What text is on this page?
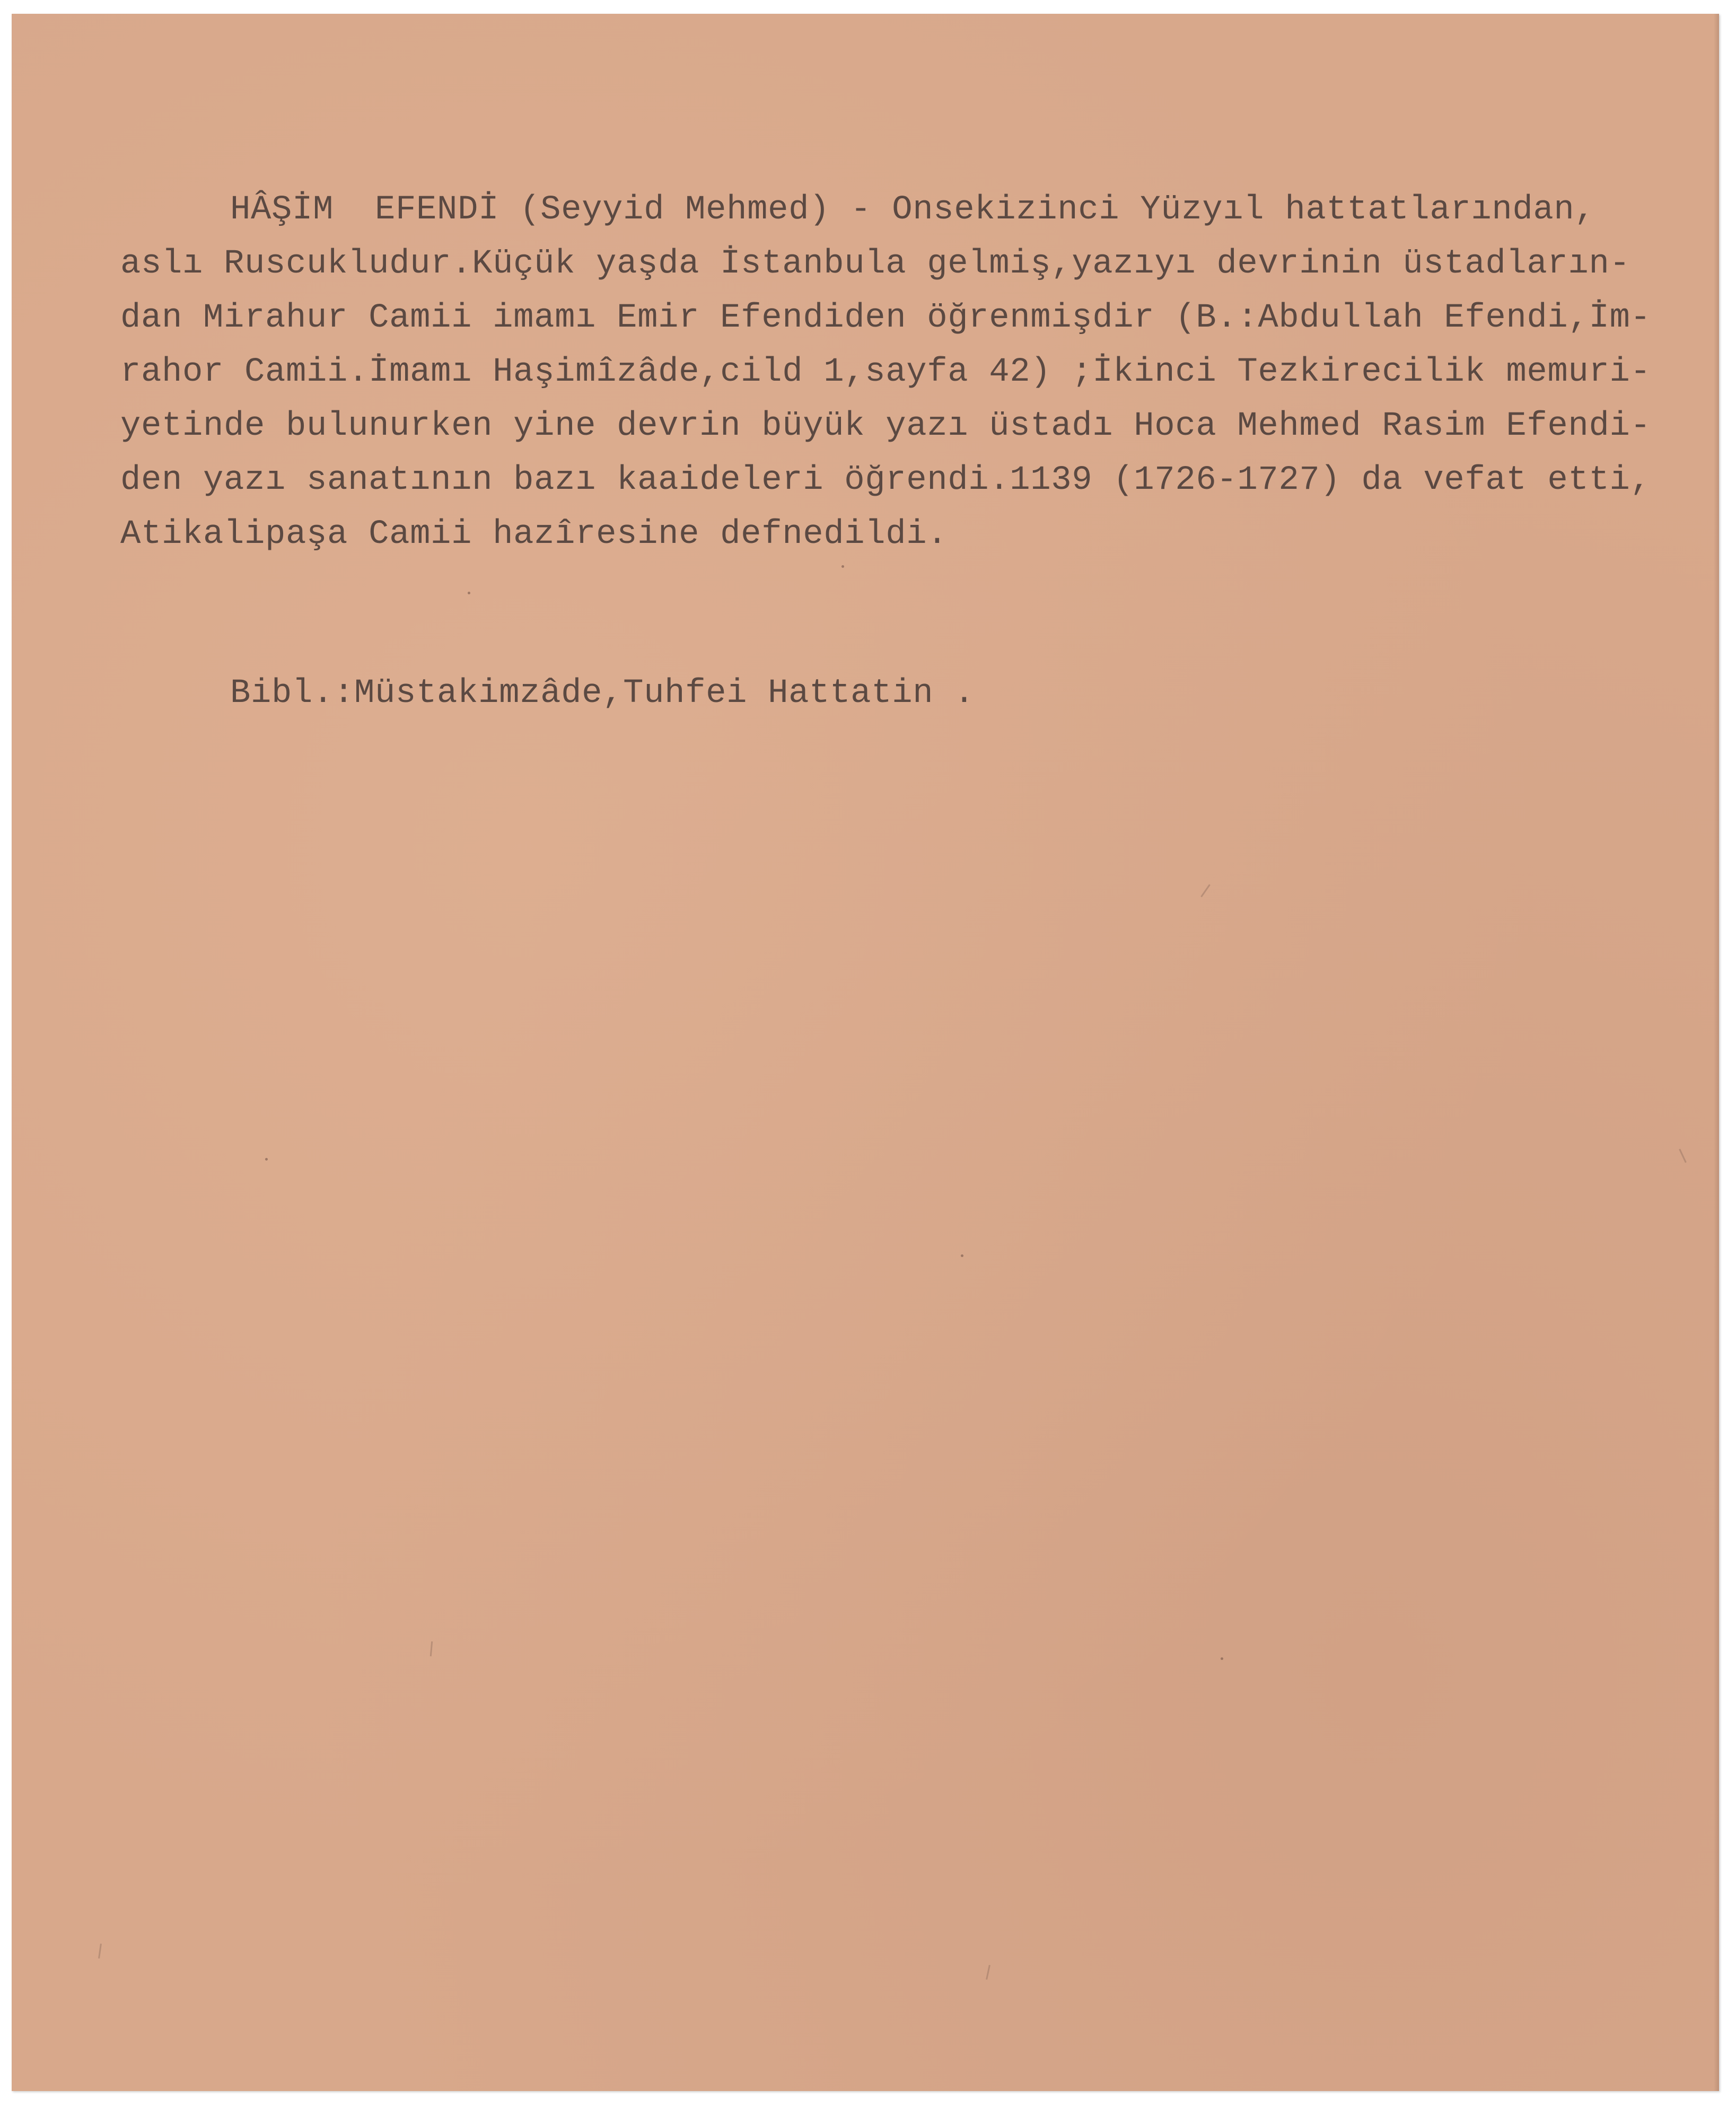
HÂŞİM  EFENDİ (Seyyid Mehmed) - Onsekizinci Yüzyıl hattatlarından,
aslı Ruscukludur.Küçük yaşda İstanbula gelmiş,yazıyı devrinin üstadların-
dan Mirahur Camii imamı Emir Efendiden öğrenmişdir (B.:Abdullah Efendi,İm-
rahor Camii.İmamı Haşimîzâde,cild 1,sayfa 42) ;İkinci Tezkirecilik memuri-
yetinde bulunurken yine devrin büyük yazı üstadı Hoca Mehmed Rasim Efendi-
den yazı sanatının bazı kaaideleri öğrendi.1139 (1726-1727) da vefat etti,
Atikalipaşa Camii hazîresine defnedildi.
Bibl.:Müstakimzâde,Tuhfei Hattatin .
